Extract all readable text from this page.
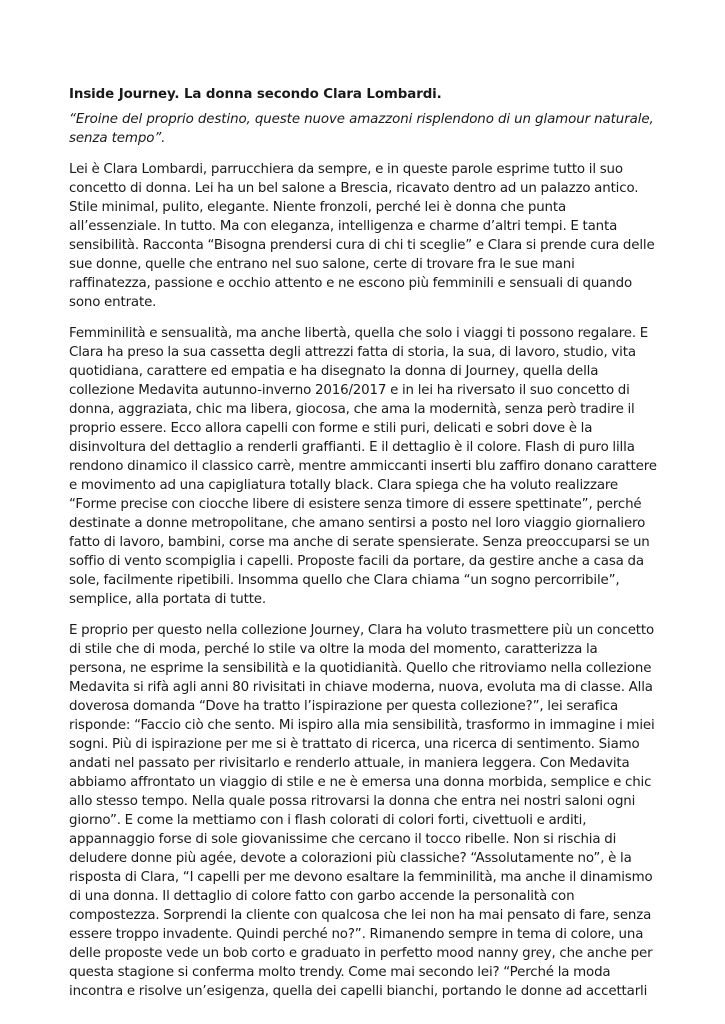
Inside Journey. La donna secondo Clara Lombardi.

“Eroine del proprio destino, queste nuove amazzoni risplendono di un glamour naturale, senza tempo”.

Lei è Clara Lombardi, parrucchiera da sempre, e in queste parole esprime tutto il suo concetto di donna. Lei ha un bel salone a Brescia, ricavato dentro ad un palazzo antico. Stile minimal, pulito, elegante. Niente fronzoli, perché lei è donna che punta all’essenziale. In tutto. Ma con eleganza, intelligenza e charme d’altri tempi. E tanta sensibilità. Racconta “Bisogna prendersi cura di chi ti sceglie” e Clara si prende cura delle sue donne, quelle che entrano nel suo salone, certe di trovare fra le sue mani raffinatezza, passione e occhio attento e ne escono più femminili e sensuali di quando sono entrate.

Femminilità e sensualità, ma anche libertà, quella che solo i viaggi ti possono regalare. E Clara ha preso la sua cassetta degli attrezzi fatta di storia, la sua, di lavoro, studio, vita quotidiana, carattere ed empatia e ha disegnato la donna di Journey, quella della collezione Medavita autunno-inverno 2016/2017 e in lei ha riversato il suo concetto di donna, aggraziata, chic ma libera, giocosa, che ama la modernità, senza però tradire il proprio essere. Ecco allora capelli con forme e stili puri, delicati e sobri dove è la disinvoltura del dettaglio a renderli graffianti. E il dettaglio è il colore. Flash di puro lilla rendono dinamico il classico carrè, mentre ammiccanti inserti blu zaffiro donano carattere e movimento ad una capigliatura totally black. Clara spiega che ha voluto realizzare “Forme precise con ciocche libere di esistere senza timore di essere spettinate”, perché destinate a donne metropolitane, che amano sentirsi a posto nel loro viaggio giornaliero fatto di lavoro, bambini, corse ma anche di serate spensierate. Senza preoccuparsi se un soffio di vento scompiglia i capelli. Proposte facili da portare, da gestire anche a casa da sole, facilmente ripetibili. Insomma quello che Clara chiama “un sogno percorribile”, semplice, alla portata di tutte.

E proprio per questo nella collezione Journey, Clara ha voluto trasmettere più un concetto di stile che di moda, perché lo stile va oltre la moda del momento, caratterizza la persona, ne esprime la sensibilità e la quotidianità. Quello che ritroviamo nella collezione Medavita si rifà agli anni 80 rivisitati in chiave moderna, nuova, evoluta ma di classe. Alla doverosa domanda “Dove ha tratto l’ispirazione per questa collezione?”, lei serafica risponde: “Faccio ciò che sento. Mi ispiro alla mia sensibilità, trasformo in immagine i miei sogni. Più di ispirazione per me si è trattato di ricerca, una ricerca di sentimento. Siamo andati nel passato per rivisitarlo e renderlo attuale, in maniera leggera. Con Medavita abbiamo affrontato un viaggio di stile e ne è emersa una donna morbida, semplice e chic allo stesso tempo. Nella quale possa ritrovarsi la donna che entra nei nostri saloni ogni giorno”. E come la mettiamo con i flash colorati di colori forti, civettuoli e arditi, appannaggio forse di sole giovanissime che cercano il tocco ribelle. Non si rischia di deludere donne più agée, devote a colorazioni più classiche? “Assolutamente no”, è la risposta di Clara, “I capelli per me devono esaltare la femminilità, ma anche il dinamismo di una donna. Il dettaglio di colore fatto con garbo accende la personalità con compostezza. Sorprendi la cliente con qualcosa che lei non ha mai pensato di fare, senza essere troppo invadente. Quindi perché no?”. Rimanendo sempre in tema di colore, una delle proposte vede un bob corto e graduato in perfetto mood nanny grey, che anche per questa stagione si conferma molto trendy. Come mai secondo lei? “Perché la moda incontra e risolve un’esigenza, quella dei capelli bianchi, portando le donne ad accettarli
